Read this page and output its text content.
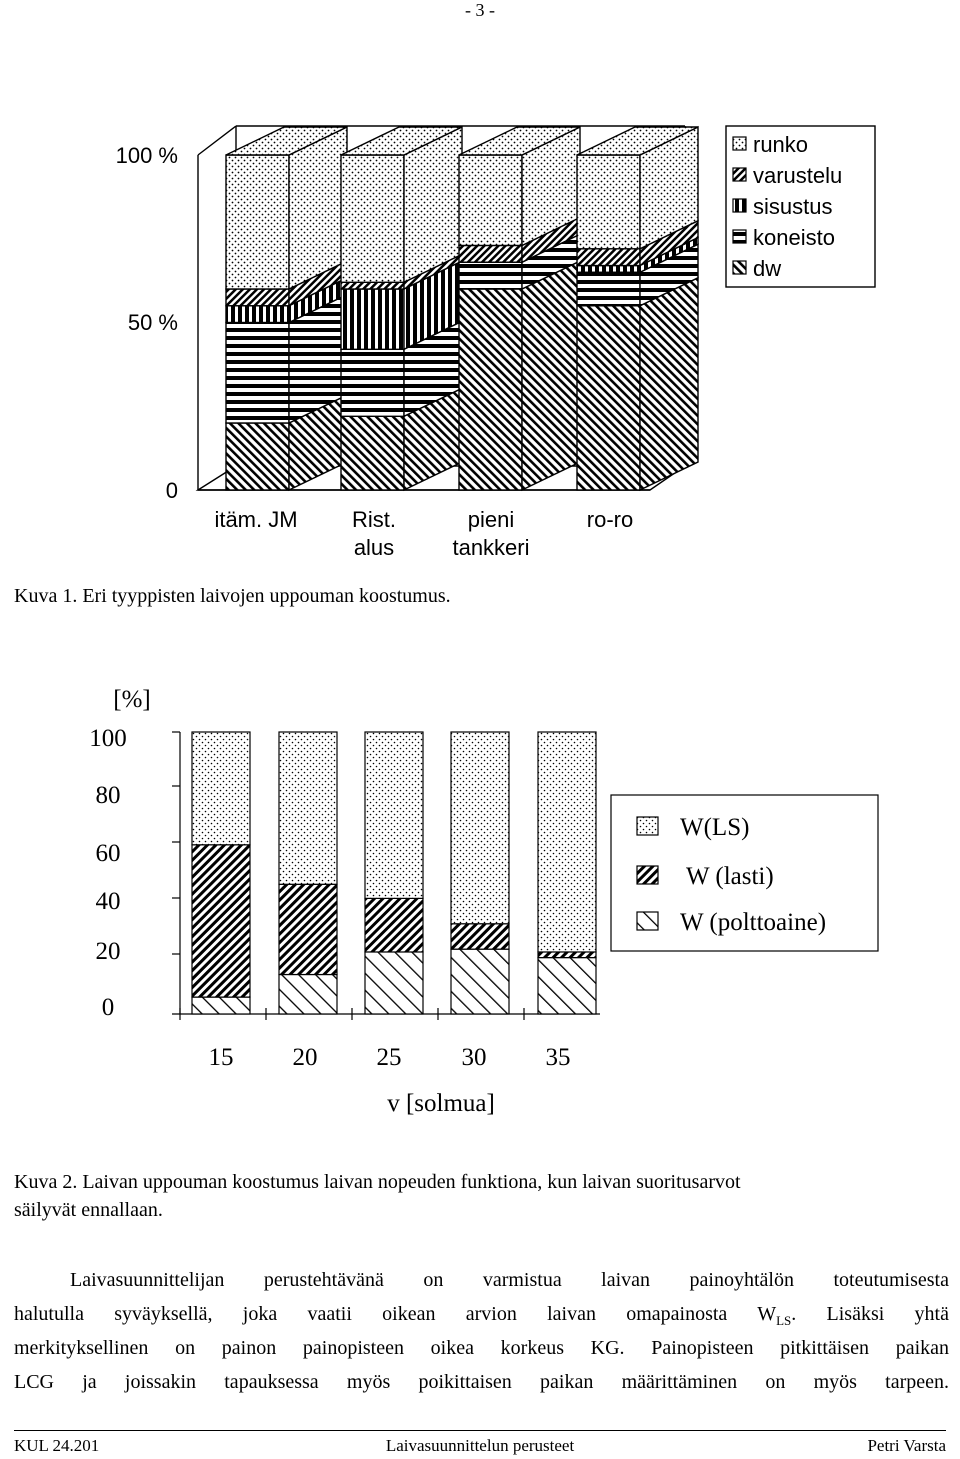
- 3 -
100 %
50 %
0
itäm. JM Rist.
alus
pieni
tankkeri
ro-ro
runko
varustelu
sisustus
koneisto
dw
Kuva 1. Eri tyyppisten laivojen uppouman koostumus.
[%]
100
80
60
40
20
0
15 20 25 30 35
v [solmua]
W(LS)
W (lasti)
W (polttoaine)
Kuva 2. Laivan uppouman koostumus laivan nopeuden funktiona, kun laivan suoritusarvot
säilyvät ennallaan.
Laivasuunnittelijan perustehtävänä on varmistua laivan painoyhtälön toteutumisesta
halutulla syväyksellä, joka vaatii oikean arvion laivan omapainosta $W_{LS}$. Lisäksi yhtä
merkityksellinen on painon painopisteen oikea korkeus KG. Painopisteen pitkittäisen paikan
LCG ja joissakin tapauksessa myös poikittaisen paikan määrittäminen on myös tarpeen.
KUL 24.201	Laivasuunnittelun perusteet	Petri Varsta
